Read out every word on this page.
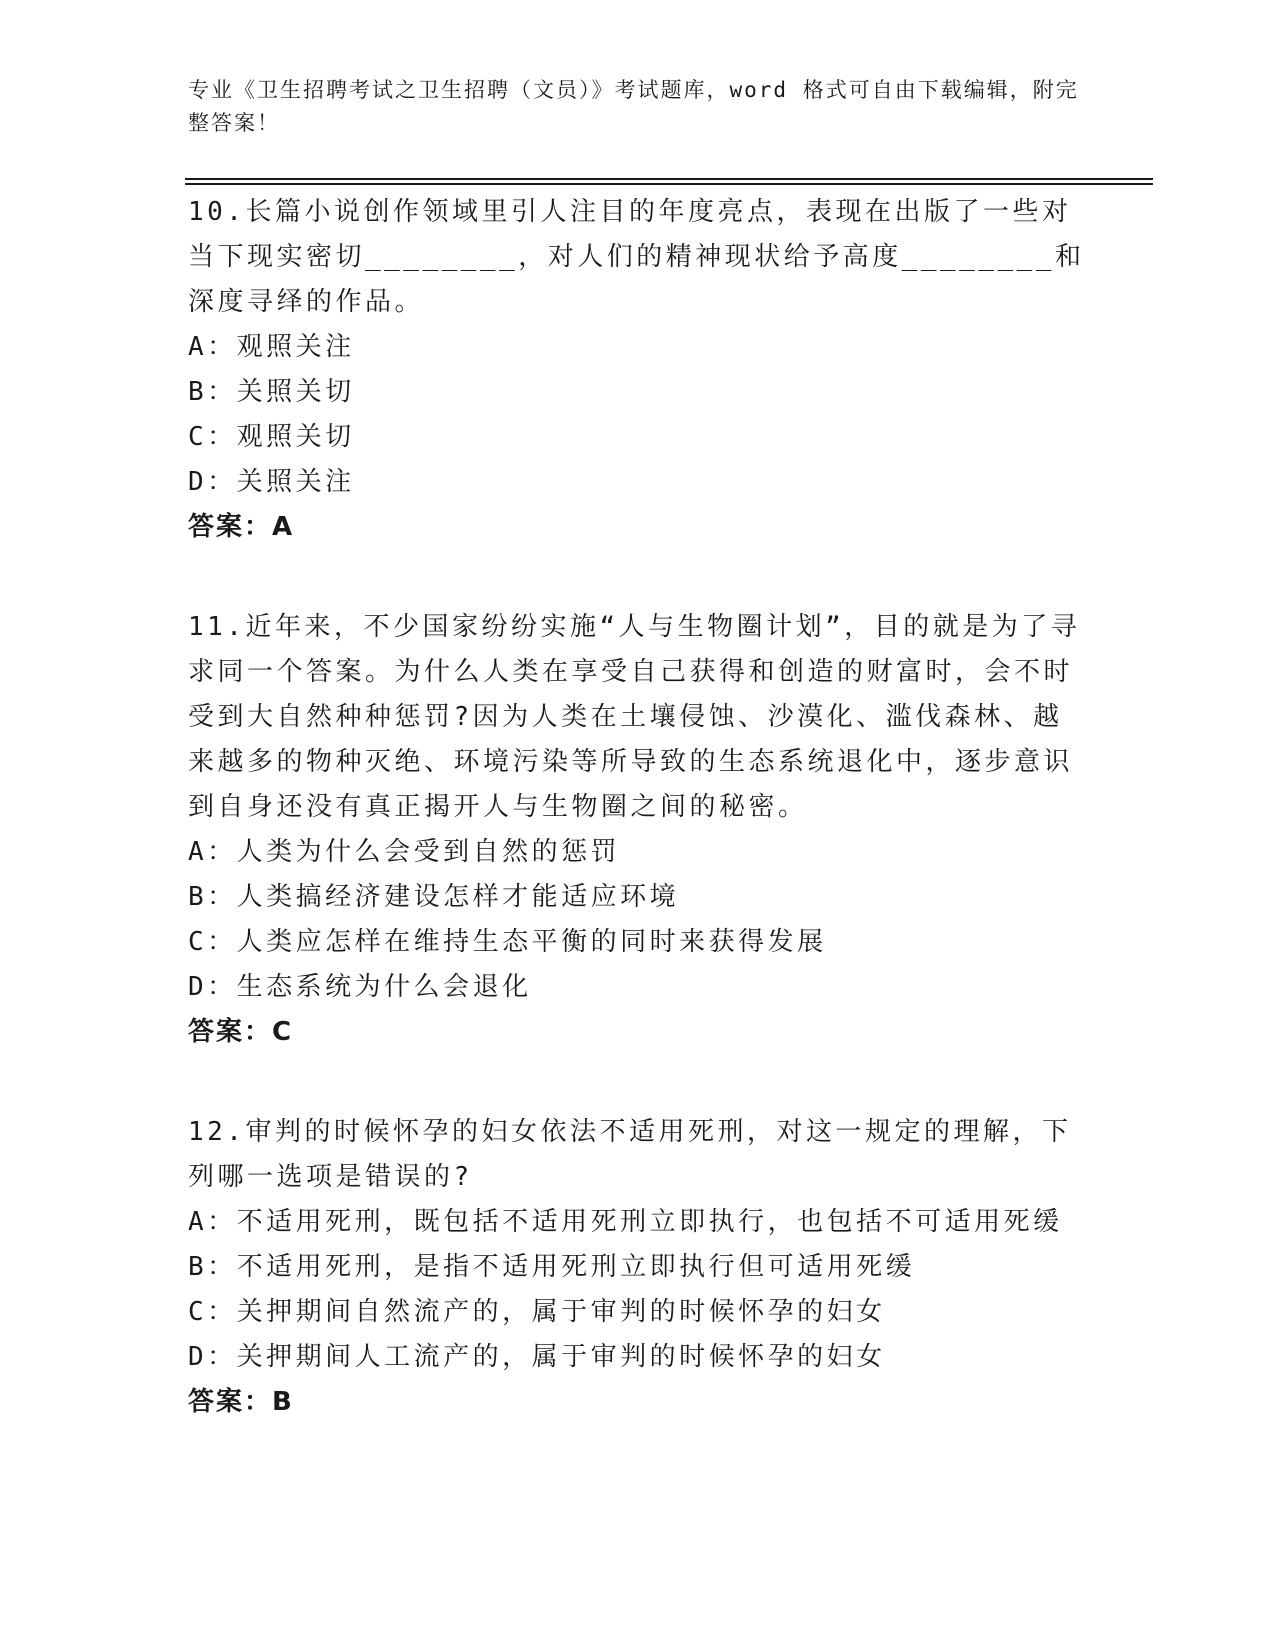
专业《卫生招聘考试之卫生招聘（文员）》考试题库，word 格式可自由下载编辑，附完整答案！

10.长篇小说创作领域里引人注目的年度亮点，表现在出版了一些对当下现实密切________，对人们的精神现状给予高度________和深度寻绎的作品。

A：观照关注

B：关照关切

C：观照关切

D：关照关注

答案：A

11.近年来，不少国家纷纷实施“人与生物圈计划”，目的就是为了寻求同一个答案。为什么人类在享受自己获得和创造的财富时，会不时受到大自然种种惩罚?因为人类在土壤侵蚀、沙漠化、滥伐森林、越来越多的物种灭绝、环境污染等所导致的生态系统退化中，逐步意识到自身还没有真正揭开人与生物圈之间的秘密。

A：人类为什么会受到自然的惩罚

B：人类搞经济建设怎样才能适应环境

C：人类应怎样在维持生态平衡的同时来获得发展

D：生态系统为什么会退化

答案：C

12.审判的时候怀孕的妇女依法不适用死刑，对这一规定的理解，下列哪一选项是错误的?

A：不适用死刑，既包括不适用死刑立即执行，也包括不可适用死缓

B：不适用死刑，是指不适用死刑立即执行但可适用死缓

C：关押期间自然流产的，属于审判的时候怀孕的妇女

D：关押期间人工流产的，属于审判的时候怀孕的妇女

答案：B
